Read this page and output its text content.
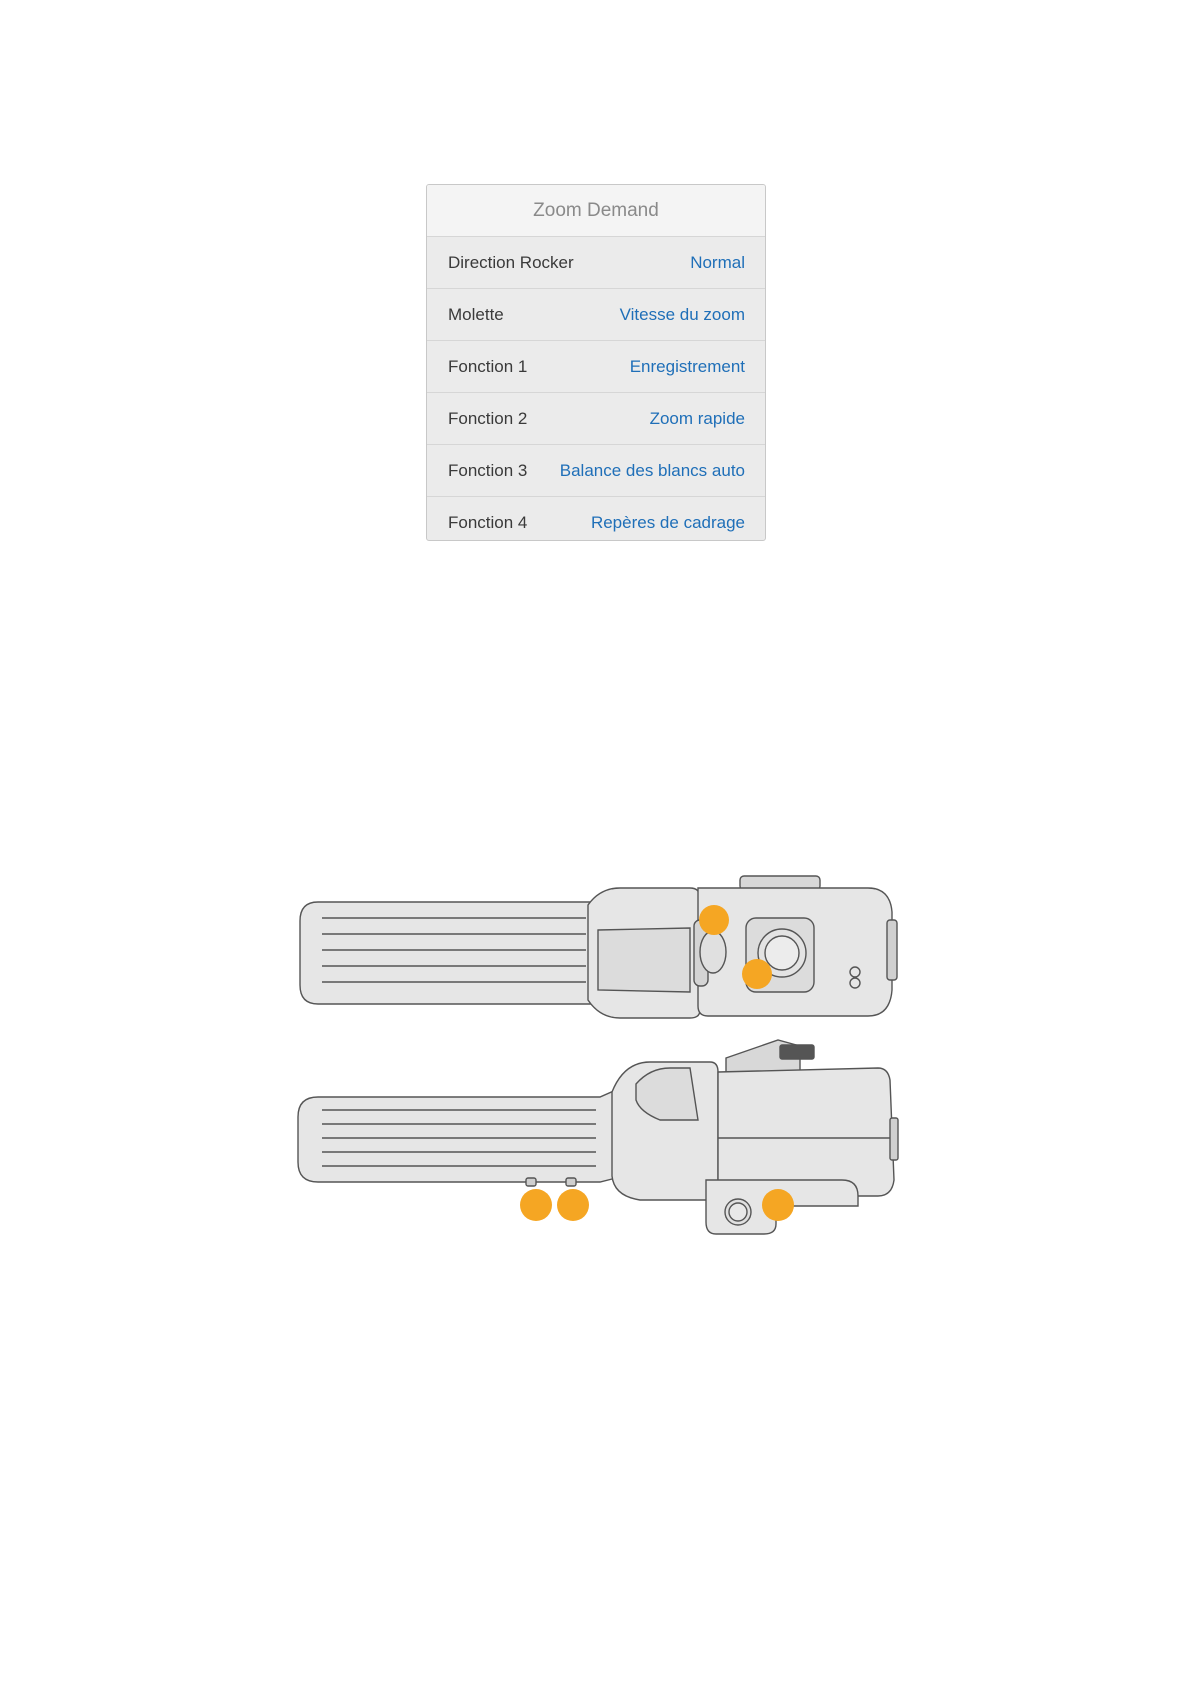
Zoom Demand
Direction Rocker	Normal
Molette	Vitesse du zoom
Fonction 1	Enregistrement
Fonction 2	Zoom rapide
Fonction 3 Balance des blancs auto
Fonction 4	Repères de cadrage
